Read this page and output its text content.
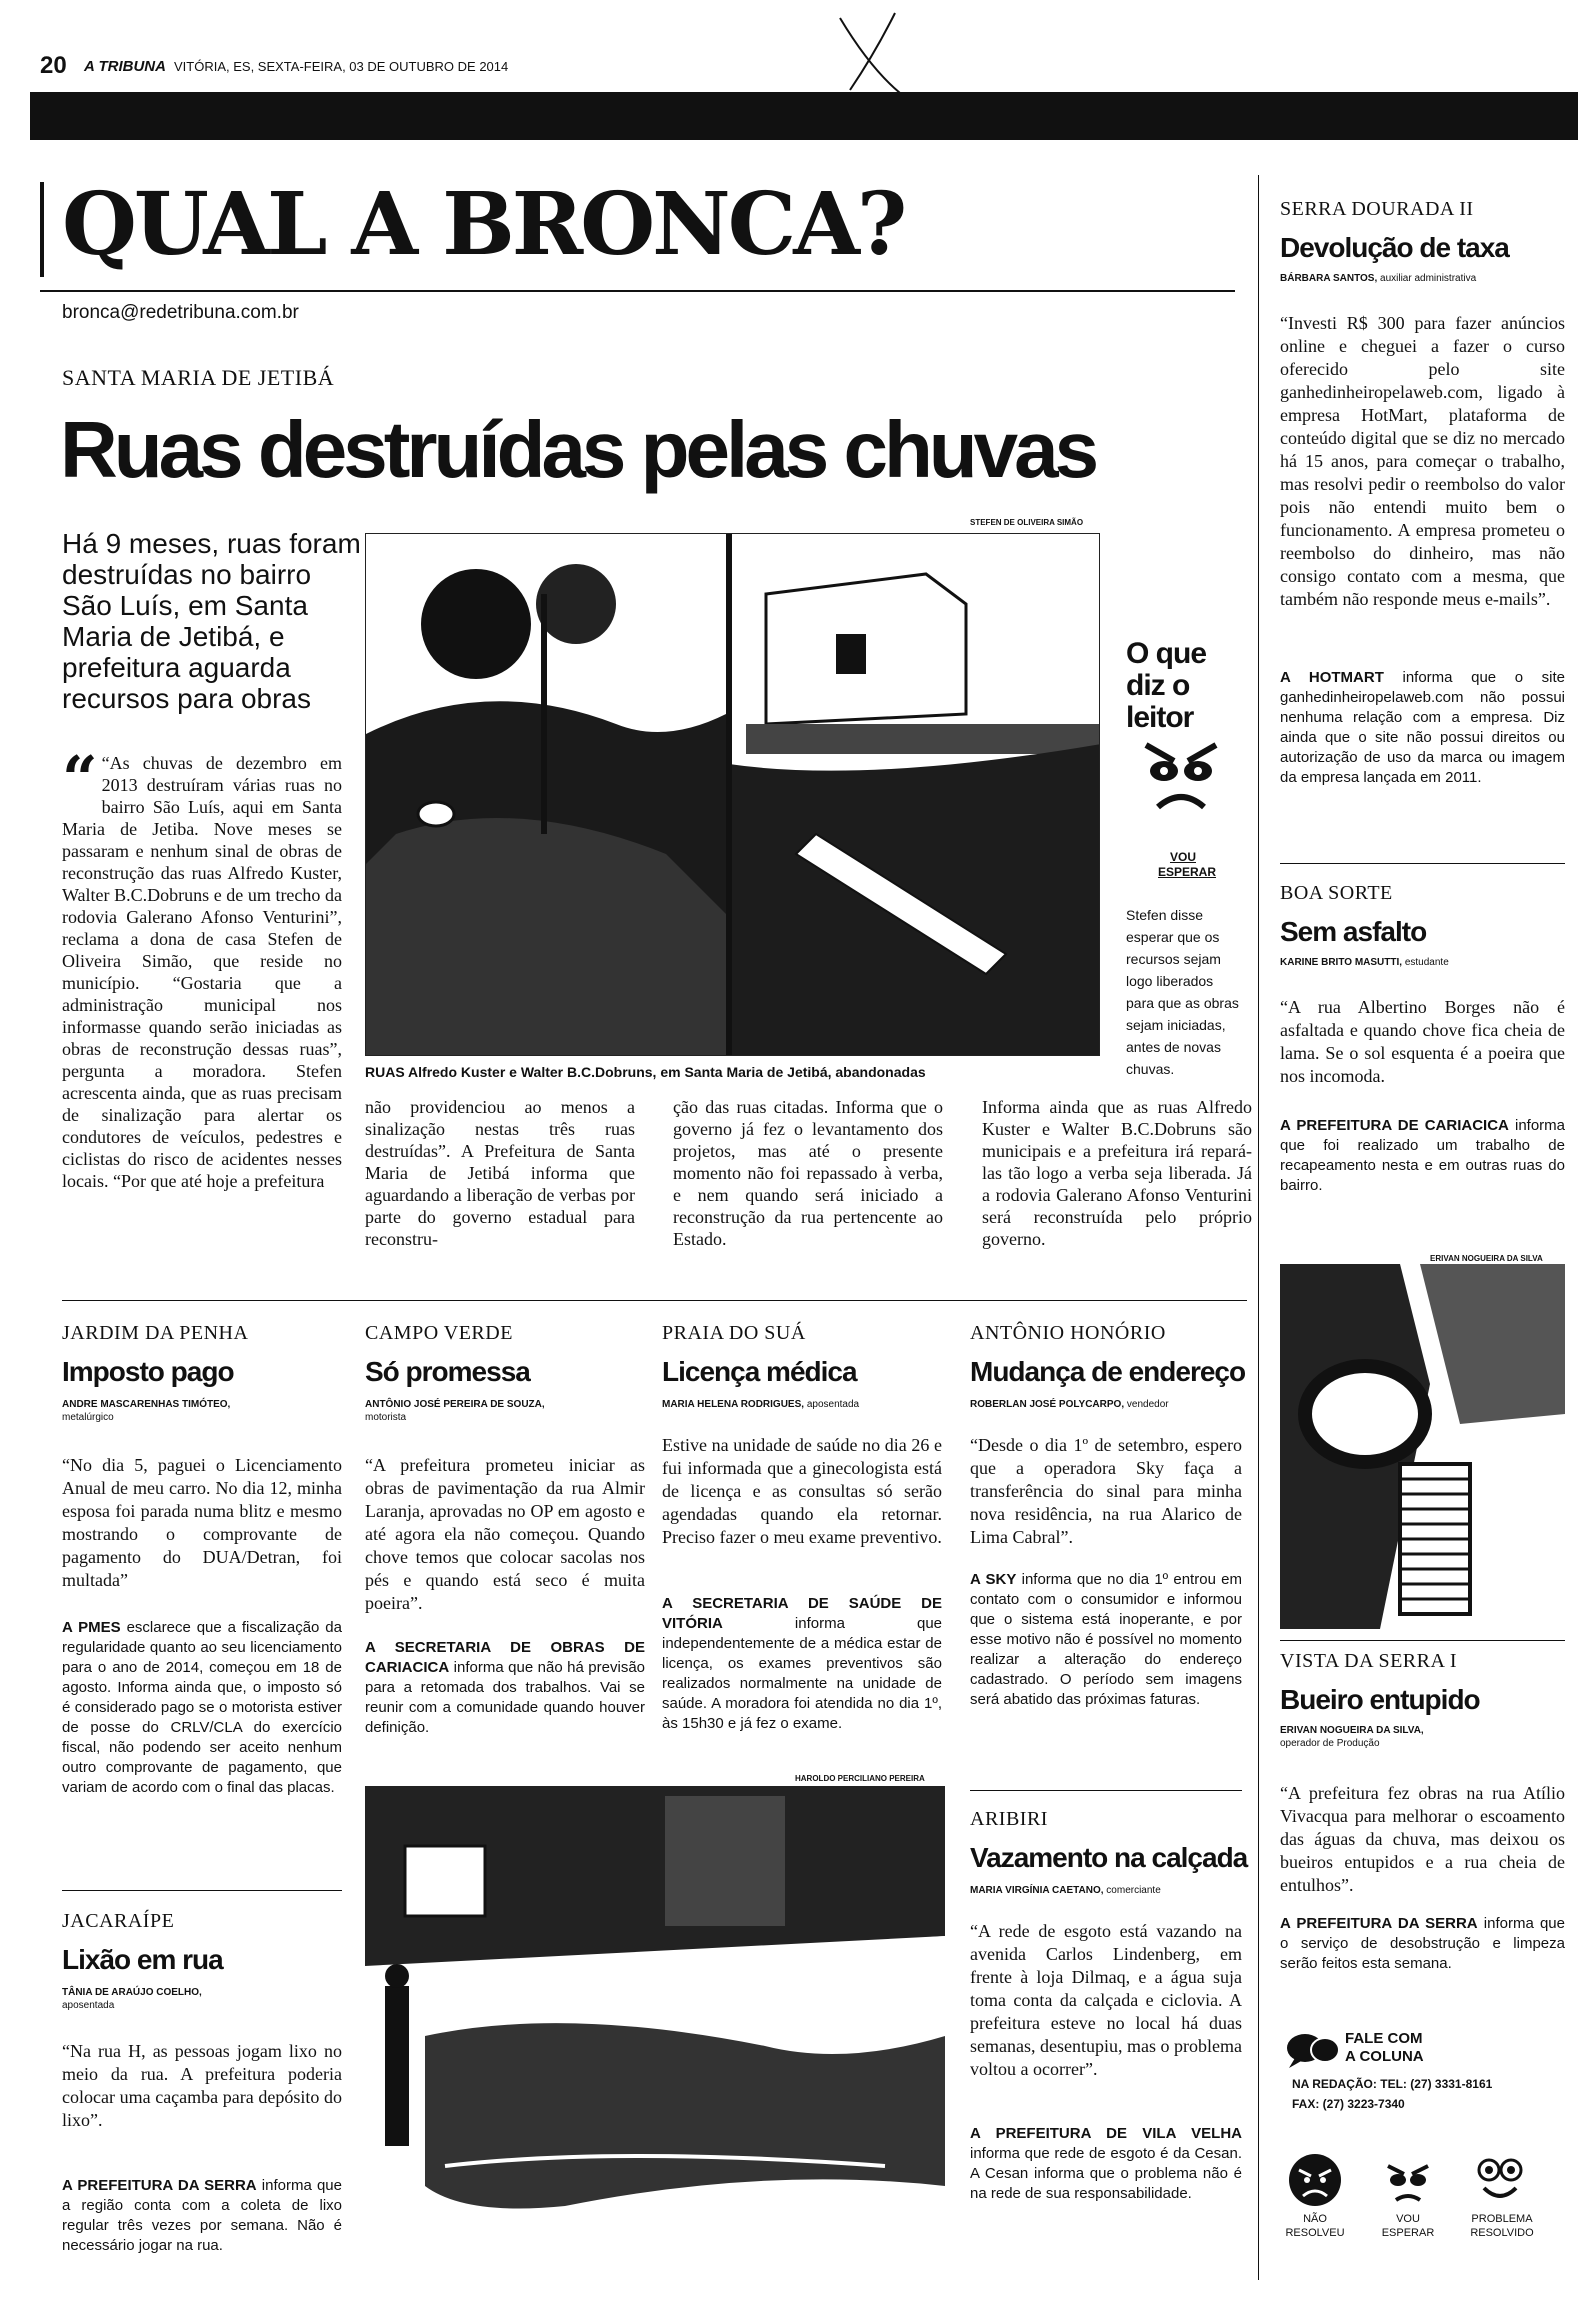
20 A TRIBUNA VITÓRIA, ES, SEXTA-FEIRA, 03 DE OUTUBRO DE 2014
QUAL A BRONCA?
bronca@redetribuna.com.br
SANTA MARIA DE JETIBÁ
Ruas destruídas pelas chuvas
Há 9 meses, ruas foram destruídas no bairro São Luís, em Santa Maria de Jetibá, e prefeitura aguarda recursos para obras
STEFEN DE OLIVEIRA SIMÃO
RUAS Alfredo Kuster e Walter B.C.Dobruns, em Santa Maria de Jetibá, abandonadas
“ “As chuvas de dezembro em 2013 destruíram várias ruas no bairro São Luís, aqui em Santa Maria de Jetiba. Nove meses se passaram e nenhum sinal de obras de reconstrução das ruas Alfredo Kuster, Walter B.C.Dobruns e de um trecho da rodovia Galerano Afonso Venturini”, reclama a dona de casa Stefen de Oliveira Simão, que reside no município. “Gostaria que a administração municipal nos informasse quando serão iniciadas as obras de reconstrução dessas ruas”, pergunta a moradora. Stefen acrescenta ainda, que as ruas precisam de sinalização para alertar os condutores de veículos, pedestres e ciclistas do risco de acidentes nesses locais. “Por que até hoje a prefeitura
não providenciou ao menos a sinalização nestas três ruas destruídas”. A Prefeitura de Santa Maria de Jetibá informa que aguardando a liberação de verbas por parte do governo estadual para reconstru-
ção das ruas citadas. Informa que o governo já fez o levantamento dos projetos, mas até o presente momento não foi repassado à verba, e nem quando será iniciado a reconstrução da rua pertencente ao Estado.
Informa ainda que as ruas Alfredo Kuster e Walter B.C.Dobruns são municipais e a prefeitura irá repará-las tão logo a verba seja liberada. Já a rodovia Galerano Afonso Venturini será reconstruída pelo próprio governo.
O que diz o leitor
VOU ESPERAR
Stefen disse esperar que os recursos sejam logo liberados para que as obras sejam iniciadas, antes de novas chuvas.
SERRA DOURADA II
Devolução de taxa
BÁRBARA SANTOS, auxiliar administrativa
“Investi R$ 300 para fazer anúncios online e cheguei a fazer o curso oferecido pelo site ganhedinheiropelaweb.com, ligado à empresa HotMart, plataforma de conteúdo digital que se diz no mercado há 15 anos, para começar o trabalho, mas resolvi pedir o reembolso do valor pois não entendi muito bem o funcionamento. A empresa prometeu o reembolso do dinheiro, mas não consigo contato com a mesma, que também não responde meus e-mails”.
A HOTMART informa que o site ganhedinheiropelaweb.com não possui nenhuma relação com a empresa. Diz ainda que o site não possui direitos ou autorização de uso da marca ou imagem da empresa lançada em 2011.
BOA SORTE
Sem asfalto
KARINE BRITO MASUTTI, estudante
“A rua Albertino Borges não é asfaltada e quando chove fica cheia de lama. Se o sol esquenta é a poeira que nos incomoda.
A PREFEITURA DE CARIACICA informa que foi realizado um trabalho de recapeamento nesta e em outras ruas do bairro.
ERIVAN NOGUEIRA DA SILVA
VISTA DA SERRA I
Bueiro entupido
ERIVAN NOGUEIRA DA SILVA,
operador de Produção
“A prefeitura fez obras na rua Atílio Vivacqua para melhorar o escoamento das águas da chuva, mas deixou os bueiros entupidos e a rua cheia de entulhos”.
A PREFEITURA DA SERRA informa que o serviço de desobstrução e limpeza serão feitos esta semana.
FALE COM
A COLUNA
NA REDAÇÃO: TEL: (27) 3331-8161
FAX: (27) 3223-7340
NÃO RESOLVEU
VOU ESPERAR
PROBLEMA RESOLVIDO
JARDIM DA PENHA
Imposto pago
ANDRE MASCARENHAS TIMÓTEO,
metalúrgico
“No dia 5, paguei o Licenciamento Anual de meu carro. No dia 12, minha esposa foi parada numa blitz e mesmo mostrando o comprovante de pagamento do DUA/Detran, foi multada”
A PMES esclarece que a fiscalização da regularidade quanto ao seu licenciamento para o ano de 2014, começou em 18 de agosto. Informa ainda que, o imposto só é considerado pago se o motorista estiver de posse do CRLV/CLA do exercício fiscal, não podendo ser aceito nenhum outro comprovante de pagamento, que variam de acordo com o final das placas.
CAMPO VERDE
Só promessa
ANTÔNIO JOSÉ PEREIRA DE SOUZA,
motorista
“A prefeitura prometeu iniciar as obras de pavimentação da rua Almir Laranja, aprovadas no OP em agosto e até agora ela não começou. Quando chove temos que colocar sacolas nos pés e quando está seco é muita poeira”.
A SECRETARIA DE OBRAS DE CARIACICA informa que não há previsão para a retomada dos trabalhos. Vai se reunir com a comunidade quando houver definição.
PRAIA DO SUÁ
Licença médica
MARIA HELENA RODRIGUES, aposentada
Estive na unidade de saúde no dia 26 e fui informada que a ginecologista está de licença e as consultas só serão agendadas quando ela retornar. Preciso fazer o meu exame preventivo.
A SECRETARIA DE SAÚDE DE VITÓRIA	informa que independentemente de a médica estar de licença, os exames preventivos são realizados normalmente na unidade de saúde. A moradora foi atendida no dia 1º, às 15h30 e já fez o exame.
ANTÔNIO HONÓRIO
Mudança de endereço
ROBERLAN JOSÉ POLYCARPO, vendedor
“Desde o dia 1º de setembro, espero que a operadora Sky faça a transferência do sinal para minha nova residência, na rua Alarico de Lima Cabral”.
A SKY informa que no dia 1º entrou em contato com o consumidor e informou que o sistema está inoperante, e por esse motivo não é possível no momento realizar a alteração do endereço cadastrado. O período sem imagens será abatido das próximas faturas.
JACARAÍPE
Lixão em rua
TÂNIA DE ARAÚJO COELHO,
aposentada
“Na rua H, as pessoas jogam lixo no meio da rua. A prefeitura poderia colocar uma caçamba para depósito do lixo”.
A PREFEITURA DA SERRA informa que a região conta com a coleta de lixo regular três vezes por semana. Não é necessário jogar na rua.
HAROLDO PERCILIANO PEREIRA
ARIBIRI
Vazamento na calçada
MARIA VIRGÍNIA CAETANO, comerciante
“A rede de esgoto está vazando na avenida Carlos Lindenberg, em frente à loja Dilmaq, e a água suja toma conta da calçada e ciclovia. A prefeitura esteve no local há duas semanas, desentupiu, mas o problema voltou a ocorrer”.
A PREFEITURA DE VILA VELHA informa que rede de esgoto é da Cesan. A Cesan informa que o problema não é na rede de sua responsabilidade.
